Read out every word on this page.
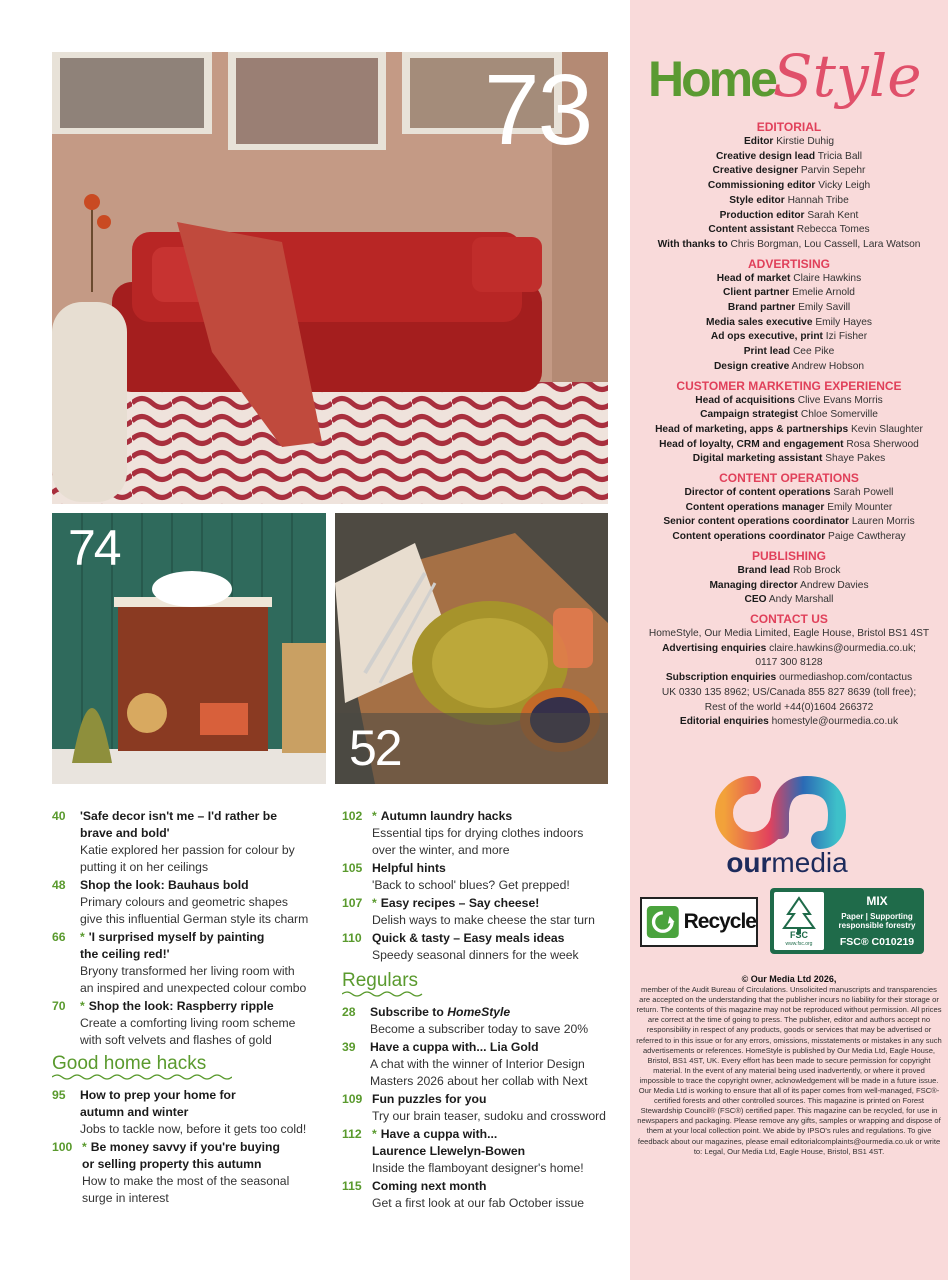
73
74
52
40	'Safe decor isn't me – I'd rather be
brave and bold'
Katie explored her passion for colour by
putting it on her ceilings
48	Shop the look: Bauhaus bold
Primary colours and geometric shapes
give this influential German style its charm
66	* 'I surprised myself by painting
the ceiling red!'
Bryony transformed her living room with
an inspired and unexpected colour combo
70	* Shop the look: Raspberry ripple
Create a comforting living room scheme
with soft velvets and flashes of gold
Good home hacks
95	How to prep your home for
autumn and winter
Jobs to tackle now, before it gets too cold!
100 * Be money savvy if you're buying
or selling property this autumn
How to make the most of the seasonal
surge in interest
102 * Autumn laundry hacks
Essential tips for drying clothes indoors
over the winter, and more
105 Helpful hints
'Back to school' blues? Get prepped!
107 * Easy recipes – Say cheese!
Delish ways to make cheese the star turn
110 Quick & tasty – Easy meals ideas
Speedy seasonal dinners for the week
Regulars
28	Subscribe to HomeStyle
Become a subscriber today to save 20%
39	Have a cuppa with... Lia Gold
A chat with the winner of Interior Design
Masters 2026 about her collab with Next
109 Fun puzzles for you
Try our brain teaser, sudoku and crossword
112 * Have a cuppa with...
Laurence Llewelyn-Bowen
Inside the flamboyant designer's home!
115 Coming next month
Get a first look at our fab October issue
HomeStyle
EDITORIAL
Editor Kirstie Duhig
Creative design lead Tricia Ball
Creative designer Parvin Sepehr
Commissioning editor Vicky Leigh
Style editor Hannah Tribe
Production editor Sarah Kent
Content assistant Rebecca Tomes
With thanks to Chris Borgman, Lou Cassell, Lara Watson
ADVERTISING
Head of market Claire Hawkins
Client partner Emelie Arnold
Brand partner Emily Savill
Media sales executive Emily Hayes
Ad ops executive, print Izi Fisher
Print lead Cee Pike
Design creative Andrew Hobson
CUSTOMER MARKETING EXPERIENCE
Head of acquisitions Clive Evans Morris
Campaign strategist Chloe Somerville
Head of marketing, apps & partnerships Kevin Slaughter
Head of loyalty, CRM and engagement Rosa Sherwood
Digital marketing assistant Shaye Pakes
CONTENT OPERATIONS
Director of content operations Sarah Powell
Content operations manager Emily Mounter
Senior content operations coordinator Lauren Morris
Content operations coordinator Paige Cawtheray
PUBLISHING
Brand lead Rob Brock
Managing director Andrew Davies
CEO Andy Marshall
CONTACT US
HomeStyle, Our Media Limited, Eagle House, Bristol BS1 4ST
Advertising enquiries claire.hawkins@ourmedia.co.uk;
0117 300 8128
Subscription enquiries ourmediashop.com/contactus
UK 0330 135 8962; US/Canada 855 827 8639 (toll free);
Rest of the world +44(0)1604 266372
Editorial enquiries homestyle@ourmedia.co.uk
ourmedia
Recycle
FSC
www.fsc.org
MIX
Paper | Supporting responsible forestry
FSC® C010219
© Our Media Ltd 2026,
member of the Audit Bureau of Circulations. Unsolicited manuscripts and transparencies are accepted on the understanding that the publisher incurs no liability for their storage or return. The contents of this magazine may not be reproduced without permission. All prices are correct at the time of going to press. The publisher, editor and authors accept no responsibility in respect of any products, goods or services that may be advertised or referred to in this issue or for any errors, omissions, misstatements or mistakes in any such advertisements or references. HomeStyle is published by Our Media Ltd, Eagle House, Bristol, BS1 4ST, UK. Every effort has been made to secure permission for copyright material. In the event of any material being used inadvertently, or where it proved impossible to trace the copyright owner, acknowledgement will be made in a future issue. Our Media Ltd is working to ensure that all of its paper comes from well-managed, FSC®-certified forests and other controlled sources. This magazine is printed on Forest Stewardship Council® (FSC®) certified paper. This magazine can be recycled, for use in newspapers and packaging. Please remove any gifts, samples or wrapping and dispose of them at your local collection point. We abide by IPSO's rules and regulations. To give feedback about our magazines, please email editorialcomplaints@ourmedia.co.uk or write to: Legal, Our Media Ltd, Eagle House, Bristol, BS1 4ST.
